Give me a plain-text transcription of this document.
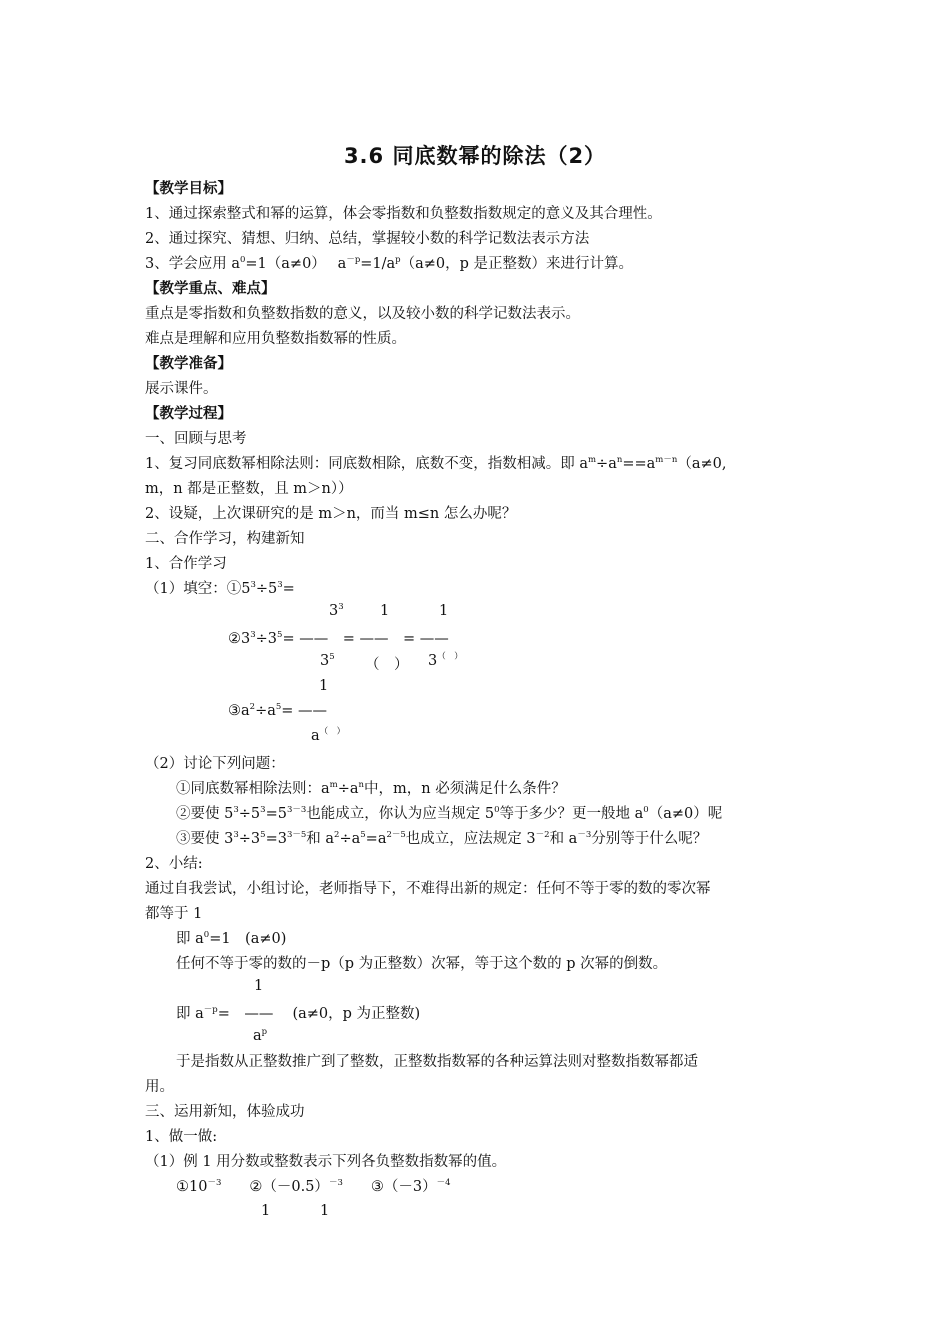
3.6 同底数幂的除法（2）
【教学目标】
1、通过探索整式和幂的运算，体会零指数和负整数指数规定的意义及其合理性。
2、通过探究、猜想、归纳、总结，掌握较小数的科学记数法表示方法
3、学会应用 $a^0=1(a\ne 0)$　 $a^{-p}=1/a^p(a\ne 0$，p 是正整数）来进行计算。
【教学重点、难点】
重点是零指数和负整数指数的意义，以及较小数的科学记数法表示。
难点是理解和应用负整数指数幂的性质。
【教学准备】
展示课件。
【教学过程】
一、回顾与思考
1、复习同底数幂相除法则：同底数相除，底数不变，指数相减。即 $a^m\div a^n==a^{m-n}(a\ne 0$,
m，n 都是正整数，且 m＞n））
2、设疑，上次课研究的是 m＞n，而当 m≤n 怎么办呢？
二、合作学习，构建新知
1、合作学习
（1）填空：$①5^3\div 5^3=$
$3^3$	1	1
$②3^3\div 3^5=$ ——　= ——　= ——
$3^5$ （　） 3（　）
1
$③a^2\div a^5=$ ——
a（　）
（2）讨论下列问题：
①同底数幂相除法则：$a^m\div a^n$中，m，n 必须满足什么条件？
②要使 $5^3\div 5^3=5^{3-3}$也能成立，你认为应当规定 $5^0$等于多少？更一般地 $a^0(a\ne 0)$呢
③要使 $3^3\div 3^5=3^{3-5}$和 $a^2\div a^5=a^{2-5}$也成立，应法规定 $3^{-2}$和 $a^{-3}$分别等于什么呢？
2、小结:
通过自我尝试，小组讨论，老师指导下，不难得出新的规定：任何不等于零的数的零次幂
都等于 1
即 $a^0=1$　(a≠0)
任何不等于零的数的－p（p 为正整数）次幂，等于这个数的 p 次幂的倒数。
1
即 $a^{-p}=$　——　 (a≠0，p 为正整数)
$a^p$
于是指数从正整数推广到了整数，正整数指数幂的各种运算法则对整数指数幂都适
用。
三、运用新知，体验成功
1、做一做:
（1）例 1 用分数或整数表示下列各负整数指数幂的值。
$①10^{-3}$ $②(-0.5)^{-3}$ $③(-3)^{-4}$
1	1
